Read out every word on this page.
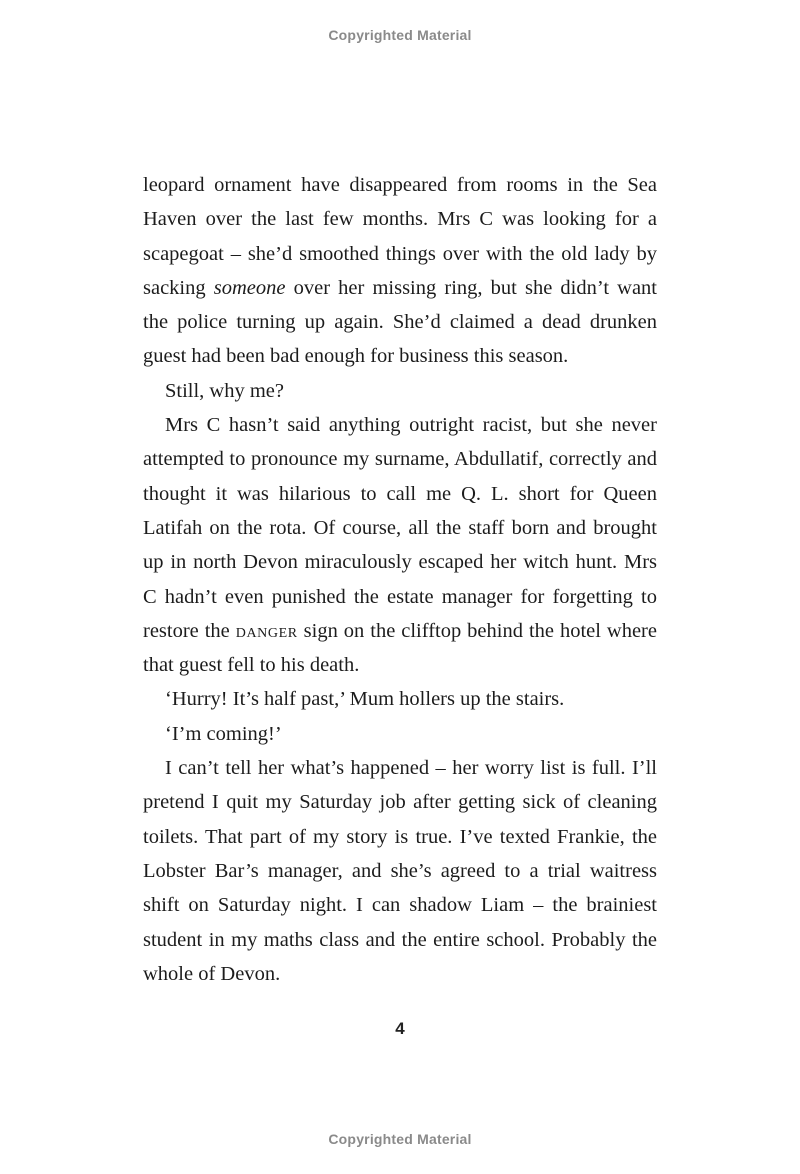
Copyrighted Material

leopard ornament have disappeared from rooms in the Sea Haven over the last few months. Mrs C was looking for a scapegoat – she’d smoothed things over with the old lady by sacking someone over her missing ring, but she didn’t want the police turning up again. She’d claimed a dead drunken guest had been bad enough for business this season.

Still, why me?

Mrs C hasn’t said anything outright racist, but she never attempted to pronounce my surname, Abdullatif, correctly and thought it was hilarious to call me Q. L. short for Queen Latifah on the rota. Of course, all the staff born and brought up in north Devon miraculously escaped her witch hunt. Mrs C hadn’t even punished the estate manager for forgetting to restore the danger sign on the clifftop behind the hotel where that guest fell to his death.

‘Hurry! It’s half past,’ Mum hollers up the stairs.

‘I’m coming!’

I can’t tell her what’s happened – her worry list is full. I’ll pretend I quit my Saturday job after getting sick of cleaning toilets. That part of my story is true. I’ve texted Frankie, the Lobster Bar’s manager, and she’s agreed to a trial waitress shift on Saturday night. I can shadow Liam – the brainiest student in my maths class and the entire school. Probably the whole of Devon.

4
Copyrighted Material
